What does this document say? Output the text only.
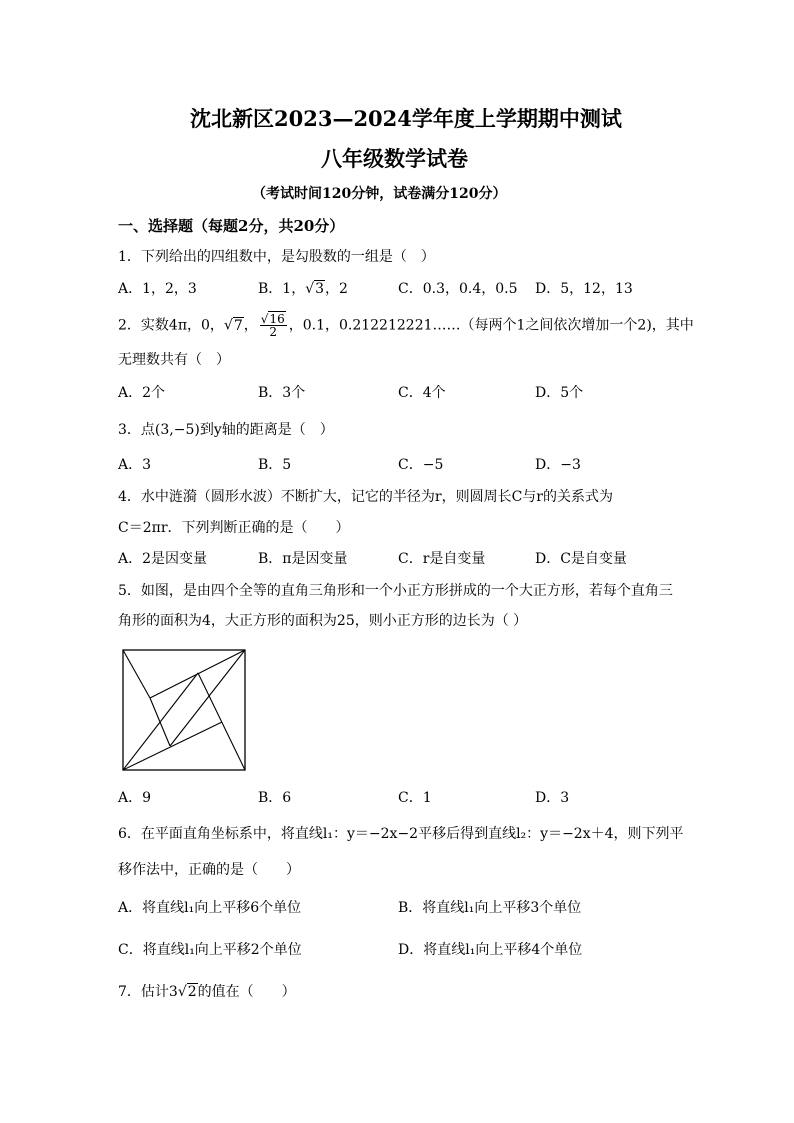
沈北新区2023—2024学年度上学期期中测试
八年级数学试卷
（考试时间120分钟，试卷满分120分）
一、选择题（每题2分，共20分）
1．下列给出的四组数中，是勾股数的一组是（　）
A．1，2，3	B．1，√3，2	C．0.3，0.4，0.5 D．5，12，13
2．实数4π，0，√7， $\frac{√16}{2}$ ，0.1，0.212212221……（每两个1之间依次增加一个2)，其中
无理数共有（　）
A．2个	B．3个	C．4个	D．5个
3．点(3,−5)到y轴的距离是（　）
A．3	B．5	C．−5	D．−3
4．水中涟漪（圆形水波）不断扩大，记它的半径为r，则圆周长C与r的关系式为
C＝2πr．下列判断正确的是（　　）
A．2是因变量	B．π是因变量	C．r是自变量	D．C是自变量
5．如图，是由四个全等的直角三角形和一个小正方形拼成的一个大正方形，若每个直角三
角形的面积为4，大正方形的面积为25，则小正方形的边长为（ ）
A．9	B．6	C．1	D．3
6．在平面直角坐标系中，将直线l₁：y＝−2x−2平移后得到直线l₂：y＝−2x＋4，则下列平
移作法中，正确的是（　　）
A．将直线l₁向上平移6个单位	B．将直线l₁向上平移3个单位
C．将直线l₁向上平移2个单位	D．将直线l₁向上平移4个单位
7．估计3√2的值在（　　）
